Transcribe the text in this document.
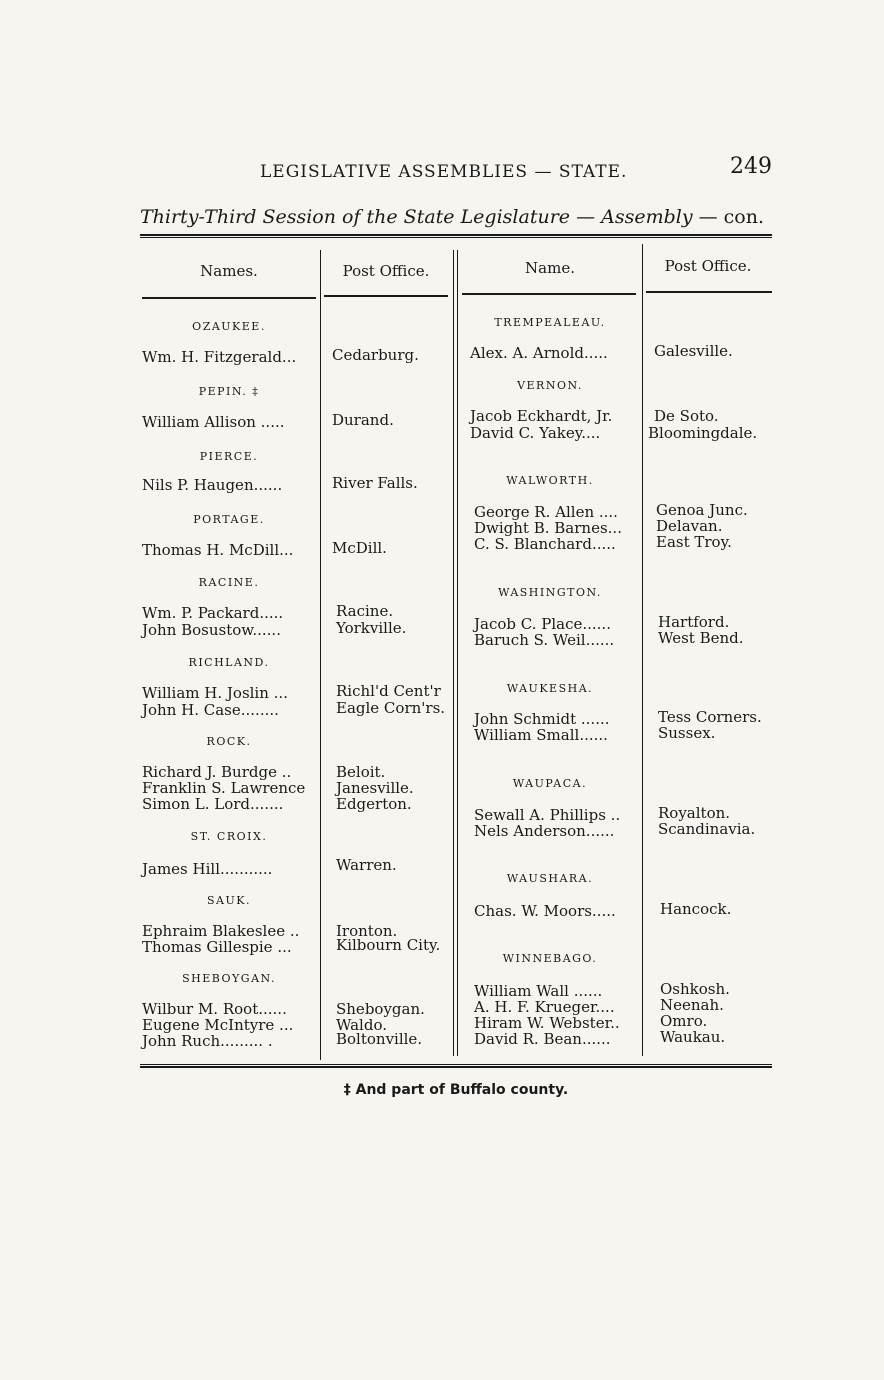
LEGISLATIVE ASSEMBLIES — STATE.	249
Thirty-Third Session of the State Legislature — Assembly — con.
Names.	Post Office.	Name.	Post Office.
OZAUKEE.
Wm. H. Fitzgerald... Cedarburg.
PEPIN. ‡
William Allison .....	Durand.
PIERCE.
Nils P. Haugen......	River Falls.
PORTAGE.
Thomas H. McDill...	McDill.
RACINE.
Wm. P. Packard.....	Racine.
John Bosustow......	Yorkville.
RICHLAND.
William H. Joslin ...	Richl'd Cent'r
John H. Case........	Eagle Corn'rs.
ROCK.
Richard J. Burdge ..	Beloit.
Franklin S. Lawrence Janesville.
Simon L. Lord.......	Edgerton.
ST. CROIX.
James Hill...........	Warren.
SAUK.
Ephraim Blakeslee .. Ironton.
Thomas Gillespie ...	Kilbourn City.
SHEBOYGAN.
Wilbur M. Root......	Sheboygan.
Eugene McIntyre ...	Waldo.
John Ruch......... .	Boltonville.
TREMPEALEAU.
Alex. A. Arnold.....	Galesville.
VERNON.
Jacob Eckhardt, Jr.	De Soto.
David C. Yakey....	Bloomingdale.
WALWORTH.
George R. Allen ....	Genoa Junc.
Dwight B. Barnes... Delavan.
C. S. Blanchard.....	East Troy.
WASHINGTON.
Jacob C. Place......	Hartford.
Baruch S. Weil......	West Bend.
WAUKESHA.
John Schmidt ......	Tess Corners.
William Small......	Sussex.
WAUPACA.
Sewall A. Phillips ..	Royalton.
Nels Anderson......	Scandinavia.
WAUSHARA.
Chas. W. Moors.....	Hancock.
WINNEBAGO.
William Wall ......	Oshkosh.
A. H. F. Krueger....	Neenah.
Hiram W. Webster..	Omro.
David R. Bean......	Waukau.
‡ And part of Buffalo county.
